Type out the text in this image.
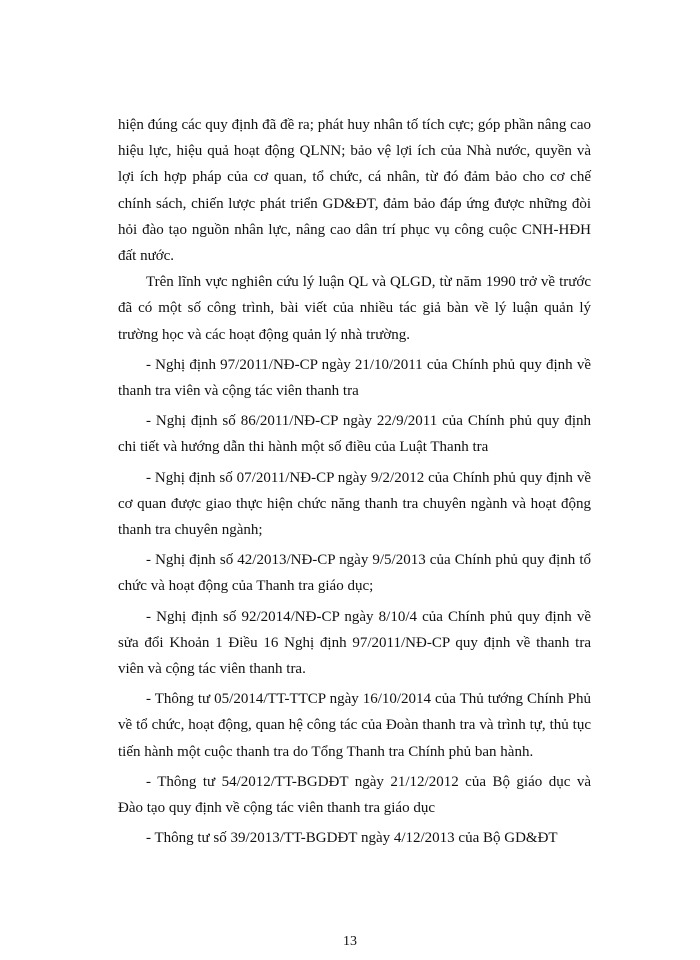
hiện đúng các quy định đã đề ra; phát huy nhân tố tích cực; góp phần nâng cao hiệu lực, hiệu quả hoạt động QLNN; bảo vệ lợi ích của Nhà nước, quyền và lợi ích hợp pháp của cơ quan, tổ chức, cá nhân, từ đó đảm bảo cho cơ chế chính sách, chiến lược phát triển GD&ĐT, đảm bảo đáp ứng được những đòi hỏi đào tạo nguồn nhân lực, nâng cao dân trí phục vụ công cuộc CNH-HĐH đất nước.

Trên lĩnh vực nghiên cứu lý luận QL và QLGD, từ năm 1990 trở về trước đã có một số công trình, bài viết của nhiều tác giả bàn về lý luận quản lý trường học và các hoạt động quản lý nhà trường.

- Nghị định 97/2011/NĐ-CP ngày 21/10/2011 của Chính phủ quy định về thanh tra viên và cộng tác viên thanh tra

- Nghị định số 86/2011/NĐ-CP ngày 22/9/2011 của Chính phủ quy định chi tiết và hướng dẫn thi hành một số điều của Luật Thanh tra

- Nghị định số 07/2011/NĐ-CP ngày 9/2/2012 của Chính phủ quy định về cơ quan được giao thực hiện chức năng thanh tra chuyên ngành và hoạt động thanh tra chuyên ngành;

- Nghị định số 42/2013/NĐ-CP ngày 9/5/2013 của Chính phủ quy định tổ chức và hoạt động của Thanh tra giáo dục;

- Nghị định số 92/2014/NĐ-CP ngày 8/10/4 của Chính phủ quy định về sửa đổi Khoản 1 Điều 16 Nghị định 97/2011/NĐ-CP quy định về thanh tra viên và cộng tác viên thanh tra.

- Thông tư 05/2014/TT-TTCP ngày 16/10/2014 của Thủ tướng Chính Phủ về tổ chức, hoạt động, quan hệ công tác của Đoàn thanh tra và trình tự, thủ tục tiến hành một cuộc thanh tra do Tổng Thanh tra Chính phủ ban hành.

- Thông tư 54/2012/TT-BGDĐT ngày 21/12/2012 của Bộ giáo dục và Đào tạo quy định về cộng tác viên thanh tra giáo dục

- Thông tư số 39/2013/TT-BGDĐT ngày 4/12/2013 của Bộ GD&ĐT

13
